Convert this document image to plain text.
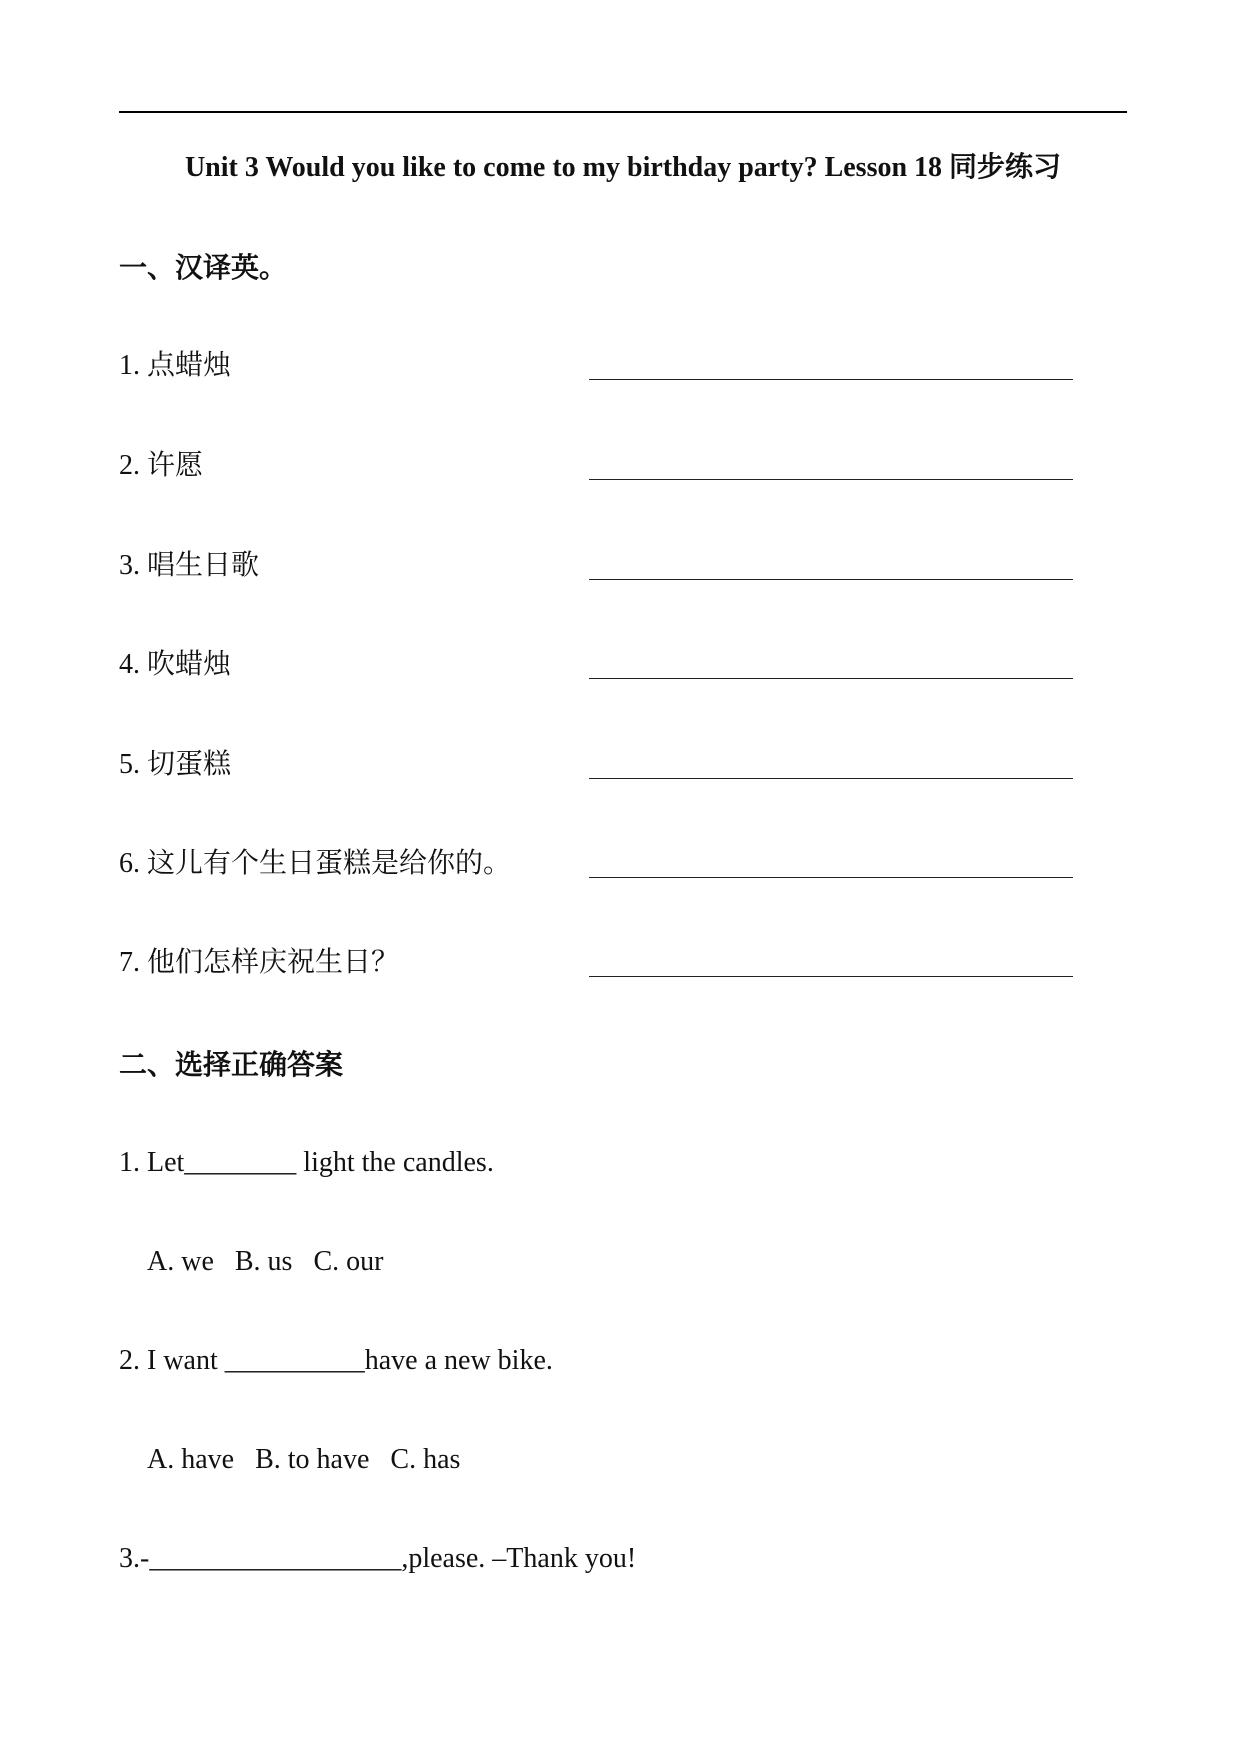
Unit 3 Would you like to come to my birthday party? Lesson 18 同步练习
一、汉译英。
1. 点蜡烛
2. 许愿
3. 唱生日歌
4. 吹蜡烛
5. 切蛋糕
6. 这儿有个生日蛋糕是给你的。
7. 他们怎样庆祝生日？
二、选择正确答案
1. Let________ light the candles.
A. we   B. us   C. our
2. I want __________have a new bike.
A. have   B. to have   C. has
3.-__________________,please. –Thank you!
